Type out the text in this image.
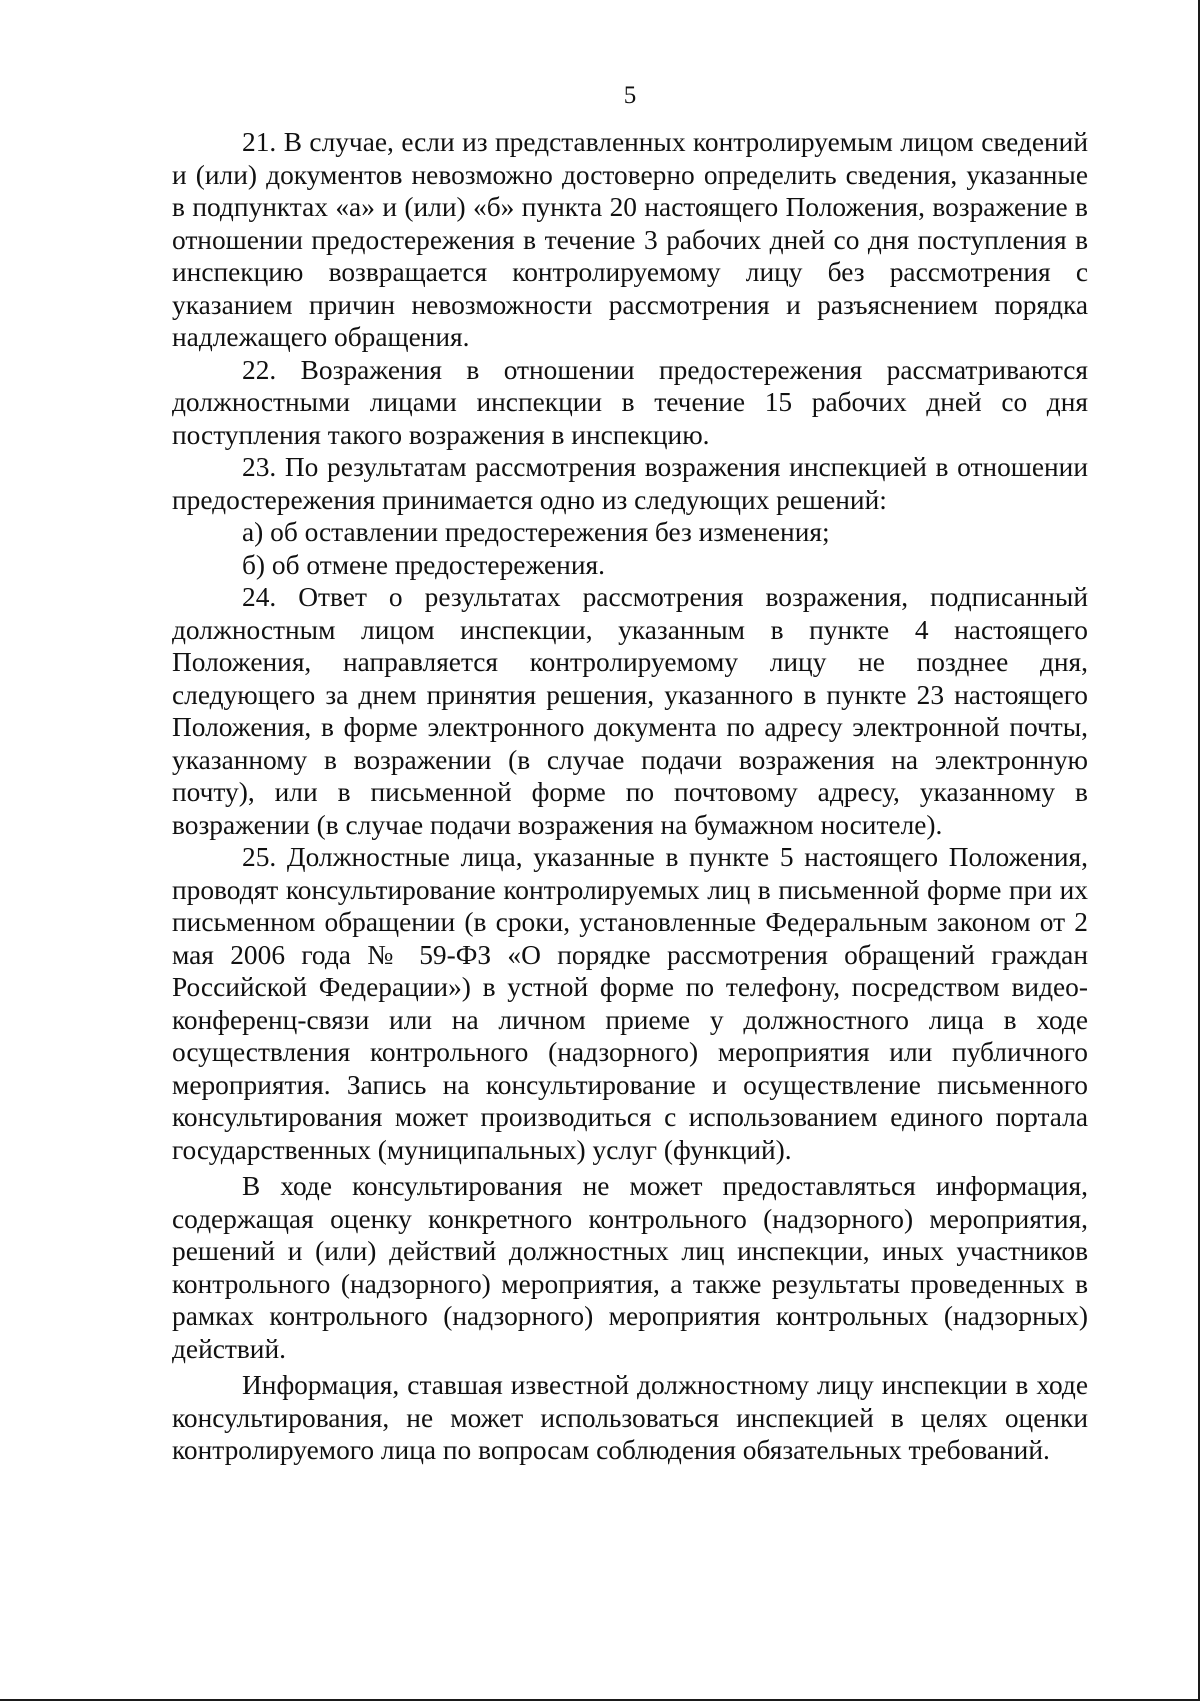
5

21. В случае, если из представленных контролируемым лицом сведений и (или) документов невозможно достоверно определить сведения, указанные в подпунктах «а» и (или) «б» пункта 20 настоящего Положения, возражение в отношении предостережения в течение 3 рабочих дней со дня поступления в инспекцию возвращается контролируемому лицу без рассмотрения с указанием причин невозможности рассмотрения и разъяснением порядка надлежащего обращения.

22. Возражения в отношении предостережения рассматриваются должностными лицами инспекции в течение 15 рабочих дней со дня поступления такого возражения в инспекцию.

23. По результатам рассмотрения возражения инспекцией в отношении предостережения принимается одно из следующих решений:

а) об оставлении предостережения без изменения;

б) об отмене предостережения.

24. Ответ о результатах рассмотрения возражения, подписанный должностным лицом инспекции, указанным в пункте 4 настоящего Положения, направляется контролируемому лицу не позднее дня, следующего за днем принятия решения, указанного в пункте 23 настоящего Положения, в форме электронного документа по адресу электронной почты, указанному в возражении (в случае подачи возражения на электронную почту), или в письменной форме по почтовому адресу, указанному в возражении (в случае подачи возражения на бумажном носителе).

25. Должностные лица, указанные в пункте 5 настоящего Положения, проводят консультирование контролируемых лиц в письменной форме при их письменном обращении (в сроки, установленные Федеральным законом от 2 мая 2006 года № 59-ФЗ «О порядке рассмотрения обращений граждан Российской Федерации») в устной форме по телефону, посредством видео-конференц-связи или на личном приеме у должностного лица в ходе осуществления контрольного (надзорного) мероприятия или публичного мероприятия. Запись на консультирование и осуществление письменного консультирования может производиться с использованием единого портала государственных (муниципальных) услуг (функций).

В ходе консультирования не может предоставляться информация, содержащая оценку конкретного контрольного (надзорного) мероприятия, решений и (или) действий должностных лиц инспекции, иных участников контрольного (надзорного) мероприятия, а также результаты проведенных в рамках контрольного (надзорного) мероприятия контрольных (надзорных) действий.

Информация, ставшая известной должностному лицу инспекции в ходе консультирования, не может использоваться инспекцией в целях оценки контролируемого лица по вопросам соблюдения обязательных требований.
